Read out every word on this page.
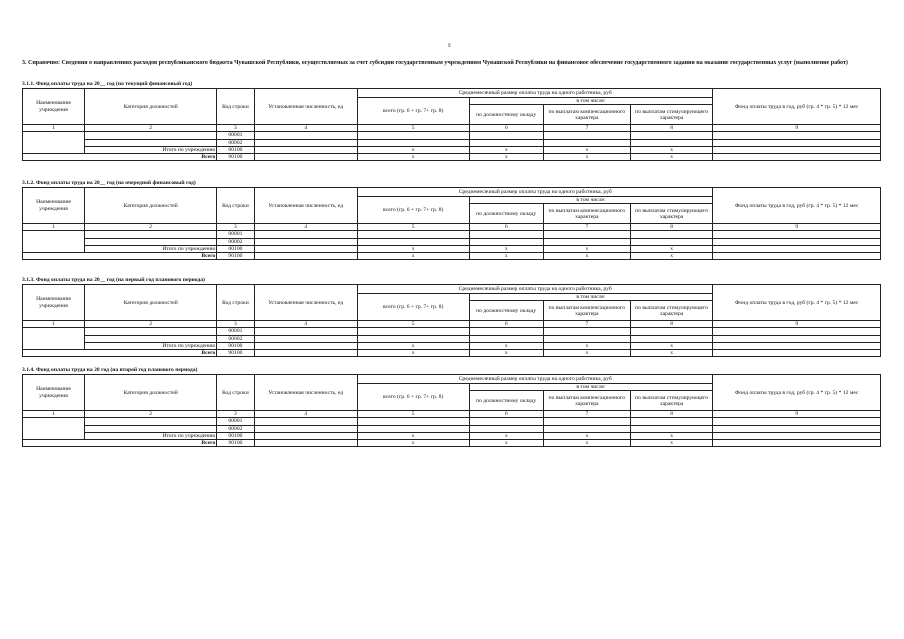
9
3. Справочно: Сведения о направлениях расходов республиканского бюджета Чувашской Республики, осуществляемых за счет субсидии государственным учреждениям Чувашской Республики на финансовое обеспечение государственного задания на оказание государственных услуг (выполнение работ)
3.1.1. Фонд оплаты труда на 20__ год (на текущий финансовый год)
Наименование учреждения	Категория должностей	Код строки	Установленная численность, ед	Среднемесячный размер оплаты труда на одного работника, руб				Фонд оплаты труда в год, руб (гр. 4 * гр. 5) * 12 мес
				всего (гр. 6 + гр. 7+ гр. 8)	в том числе:			
					по должностному окладу	по выплатам компенсационного характера	по выплатам стимулирующего характера	
1	2	3	4	5	6	7	8	9
		00001						
		00002						
	Итого по учреждению	00100		x	x	x	x	
Всего		90100		x	x	x	x	
3.1.2. Фонд оплаты труда на 20__ год (на очередной финансовый год)
Наименование учреждения	Категория должностей	Код строки	Установленная численность, ед	Среднемесячный размер оплаты труда на одного работника, руб				Фонд оплаты труда в год, руб (гр. 4 * гр. 5) * 12 мес
				всего (гр. 6 + гр. 7+ гр. 8)	в том числе:			
					по должностному окладу	по выплатам компенсационного характера	по выплатам стимулирующего характера	
1	2	3	4	5	6	7	8	9
		00001						
		00002						
	Итого по учреждению	00100		x	x	x	x	
Всего		90100		x	x	x	x	
3.1.3. Фонд оплаты труда на 20__ год (на первый год планового периода)
Наименование учреждения	Категория должностей	Код строки	Установленная численность, ед	Среднемесячный размер оплаты труда на одного работника, руб				Фонд оплаты труда в год, руб (гр. 4 * гр. 5) * 12 мес
				всего (гр. 6 + гр. 7+ гр. 8)	в том числе:			
					по должностному окладу	по выплатам компенсационного характера	по выплатам стимулирующего характера	
1	2	3	4	5	6	7	8	9
		00001						
		00002						
	Итого по учреждению	00100		x	x	x	x	
Всего		90100		x	x	x	x	
3.1.4. Фонд оплаты труда на 20 год (на второй год планового периода)
Наименование учреждения	Категория должностей	Код строки	Установленная численность, ед	Среднемесячный размер оплаты труда на одного работника, руб				Фонд оплаты труда в год, руб (гр. 4 * гр. 5) * 12 мес
				всего (гр. 6 + гр. 7+ гр. 8)	в том числе:			
					по должностному окладу	по выплатам компенсационного характера	по выплатам стимулирующего характера	
1	2	3	4	5	6	7	8	9
		00001						
		00002						
	Итого по учреждению	00100		x	x	x	x	
Всего		90100		x	x	x	x	
